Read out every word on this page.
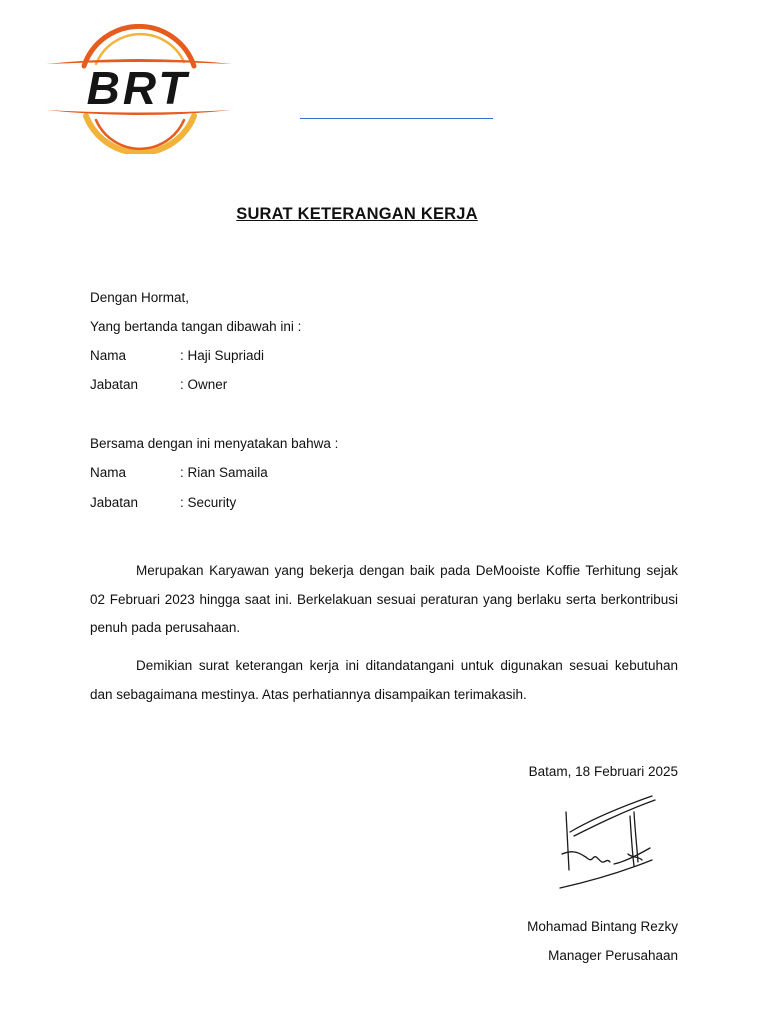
BRT
SURAT KETERANGAN KERJA
Dengan Hormat,
Yang bertanda tangan dibawah ini :
Nama	: Haji Supriadi
Jabatan	: Owner
Bersama dengan ini menyatakan bahwa :
Nama	: Rian Samaila
Jabatan	: Security
Merupakan Karyawan yang bekerja dengan baik pada DeMooiste Koffie Terhitung sejak 02 Februari 2023 hingga saat ini. Berkelakuan sesuai peraturan yang berlaku serta berkontribusi penuh pada perusahaan.
Demikian surat keterangan kerja ini ditandatangani untuk digunakan sesuai kebutuhan dan sebagaimana mestinya. Atas perhatiannya disampaikan terimakasih.
Batam, 18 Februari 2025
Mohamad Bintang Rezky
Manager Perusahaan
